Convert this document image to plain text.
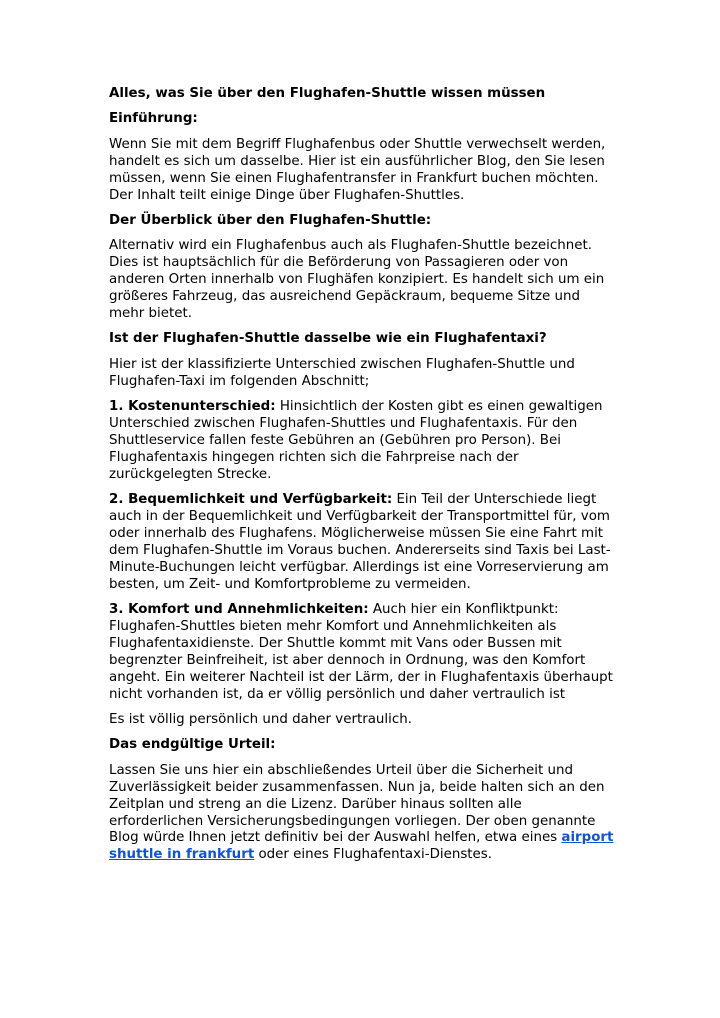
Alles, was Sie über den Flughafen-Shuttle wissen müssen

Einführung:

Wenn Sie mit dem Begriff Flughafenbus oder Shuttle verwechselt werden, handelt es sich um dasselbe. Hier ist ein ausführlicher Blog, den Sie lesen müssen, wenn Sie einen Flughafentransfer in Frankfurt buchen möchten. Der Inhalt teilt einige Dinge über Flughafen-Shuttles.

Der Überblick über den Flughafen-Shuttle:

Alternativ wird ein Flughafenbus auch als Flughafen-Shuttle bezeichnet. Dies ist hauptsächlich für die Beförderung von Passagieren oder von anderen Orten innerhalb von Flughäfen konzipiert. Es handelt sich um ein größeres Fahrzeug, das ausreichend Gepäckraum, bequeme Sitze und mehr bietet.

Ist der Flughafen-Shuttle dasselbe wie ein Flughafentaxi?

Hier ist der klassifizierte Unterschied zwischen Flughafen-Shuttle und Flughafen-Taxi im folgenden Abschnitt;

1. Kostenunterschied: Hinsichtlich der Kosten gibt es einen gewaltigen Unterschied zwischen Flughafen-Shuttles und Flughafentaxis. Für den Shuttleservice fallen feste Gebühren an (Gebühren pro Person). Bei Flughafentaxis hingegen richten sich die Fahrpreise nach der zurückgelegten Strecke.

2. Bequemlichkeit und Verfügbarkeit: Ein Teil der Unterschiede liegt auch in der Bequemlichkeit und Verfügbarkeit der Transportmittel für, vom oder innerhalb des Flughafens. Möglicherweise müssen Sie eine Fahrt mit dem Flughafen-Shuttle im Voraus buchen. Andererseits sind Taxis bei Last-Minute-Buchungen leicht verfügbar. Allerdings ist eine Vorreservierung am besten, um Zeit- und Komfortprobleme zu vermeiden.

3. Komfort und Annehmlichkeiten: Auch hier ein Konfliktpunkt: Flughafen-Shuttles bieten mehr Komfort und Annehmlichkeiten als Flughafentaxidienste. Der Shuttle kommt mit Vans oder Bussen mit begrenzter Beinfreiheit, ist aber dennoch in Ordnung, was den Komfort angeht. Ein weiterer Nachteil ist der Lärm, der in Flughafentaxis überhaupt nicht vorhanden ist, da er völlig persönlich und daher vertraulich ist

Es ist völlig persönlich und daher vertraulich.

Das endgültige Urteil:

Lassen Sie uns hier ein abschließendes Urteil über die Sicherheit und Zuverlässigkeit beider zusammenfassen. Nun ja, beide halten sich an den Zeitplan und streng an die Lizenz. Darüber hinaus sollten alle erforderlichen Versicherungsbedingungen vorliegen. Der oben genannte Blog würde Ihnen jetzt definitiv bei der Auswahl helfen, etwa eines airport shuttle in frankfurt oder eines Flughafentaxi-Dienstes.
